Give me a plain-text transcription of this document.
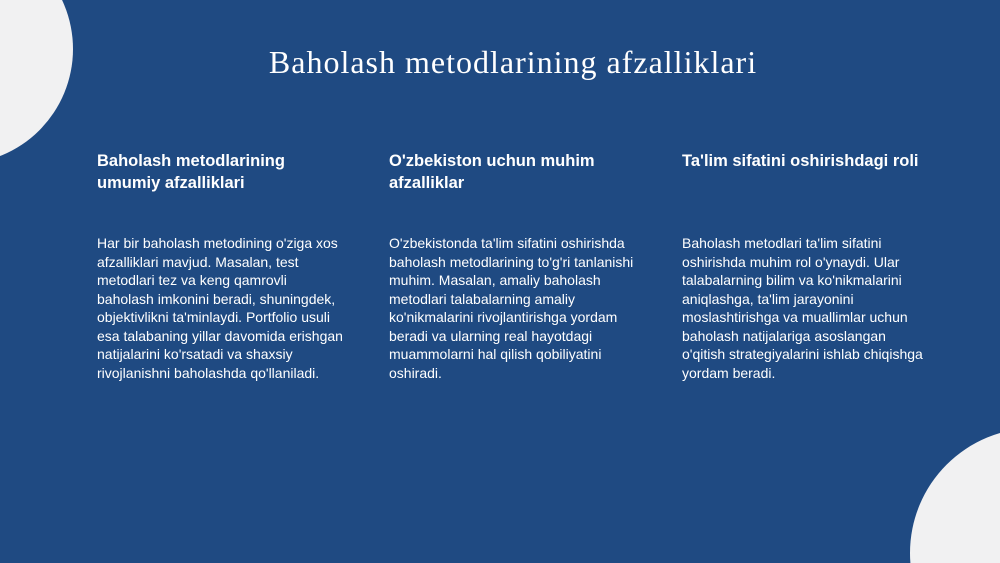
Baholash metodlarining afzalliklari
Baholash metodlarining umumiy afzalliklari

Har bir baholash metodining o'ziga xos afzalliklari mavjud. Masalan, test metodlari tez va keng qamrovli baholash imkonini beradi, shuningdek, objektivlikni ta'minlaydi. Portfolio usuli esa talabaning yillar davomida erishgan natijalarini ko'rsatadi va shaxsiy rivojlanishni baholashda qo'llaniladi.

O'zbekiston uchun muhim afzalliklar

O'zbekistonda ta'lim sifatini oshirishda baholash metodlarining to'g'ri tanlanishi muhim. Masalan, amaliy baholash metodlari talabalarning amaliy ko'nikmalarini rivojlantirishga yordam beradi va ularning real hayotdagi muammolarni hal qilish qobiliyatini oshiradi.

Ta'lim sifatini oshirishdagi roli

Baholash metodlari ta'lim sifatini oshirishda muhim rol o'ynaydi. Ular talabalarning bilim va ko'nikmalarini aniqlashga, ta'lim jarayonini moslashtirishga va muallimlar uchun baholash natijalariga asoslangan o'qitish strategiyalarini ishlab chiqishga yordam beradi.
